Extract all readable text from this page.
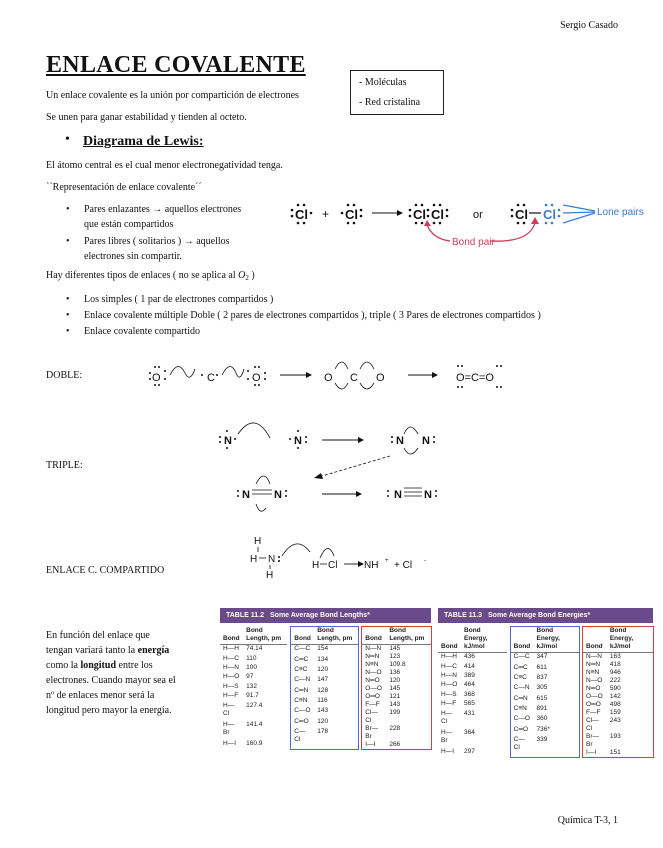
Sergio Casado
ENLACE COVALENTE
Un enlace covalente es la unión por compartición de electrones
Se unen para ganar estabilidad y tienden al octeto.
- Moléculas
- Red cristalina
• Diagrama de Lewis:
El átomo central es el cual menor electronegatividad tenga.
``Representación de enlace covalente´´
• Pares enlazantes → aquellos electrones
que están compartidos
• Pares libres ( solitarios ) → aquellos
electrones sin compartir.
Cl	Cl	Cl Cl	Cl Cl
+	or
Bond pair
Lone pairs
Hay diferentes tipos de enlaces ( no se aplica al $O_2$ )
• Los simples ( 1 par de electrones compartidos )
• Enlace covalente múltiple Doble ( 2 pares de electrones compartidos ), triple ( 3 Pares de electrones compartidos )
• Enlace covalente compartido
DOBLE:
TRIPLE:
ENLACE C. COMPARTIDO
O	C	O	O C O	O=C=O
N	N	N N
N N	N N
H
H N
H
H Cl	NH + Cl
+	-
En función del enlace que
tengan variará tanto la energía
como la longitud entre los
electrones. Cuando mayor sea el
nº de enlaces menor será la
longitud pero mayor la energía.
TABLE 11.2 Some Average Bond Lengths*
Bond	Bond Length, pm
H—H	74.14
H—C	110
H—N	100
H—O	97
H—S	132
H—F	91.7
H—Cl	127.4
H—Br	141.4
H—I	160.9
Bond	Bond Length, pm
C—C	154
C═C	134
C≡C	120
C—N	147
C═N	128
C≡N	116
C—O	143
C═O	120
C—Cl	178
Bond	Bond Length, pm
N—N	145
N═N	123
N≡N	109.8
N—O	136
N═O	120
O—O	145
O═O	121
F—F	143
Cl—Cl	199
Br—Br	228
I—I	266
TABLE 11.3 Some Average Bond Energies*
Bond	Bond Energy, kJ/mol
H—H	436
H—C	414
H—N	389
H—O	464
H—S	368
H—F	565
H—Cl	431
H—Br	364
H—I	297
Bond	Bond Energy, kJ/mol
C—C	347
C═C	611
C≡C	837
C—N	305
C═N	615
C≡N	891
C—O	360
C═O	736*
C—Cl	339
Bond	Bond Energy, kJ/mol
N—N	163
N═N	418
N≡N	946
N—O	222
N═O	590
O—O	142
O═O	498
F—F	159
Cl—Cl	243
Br—Br	193
I—I	151
Química T-3, 1
